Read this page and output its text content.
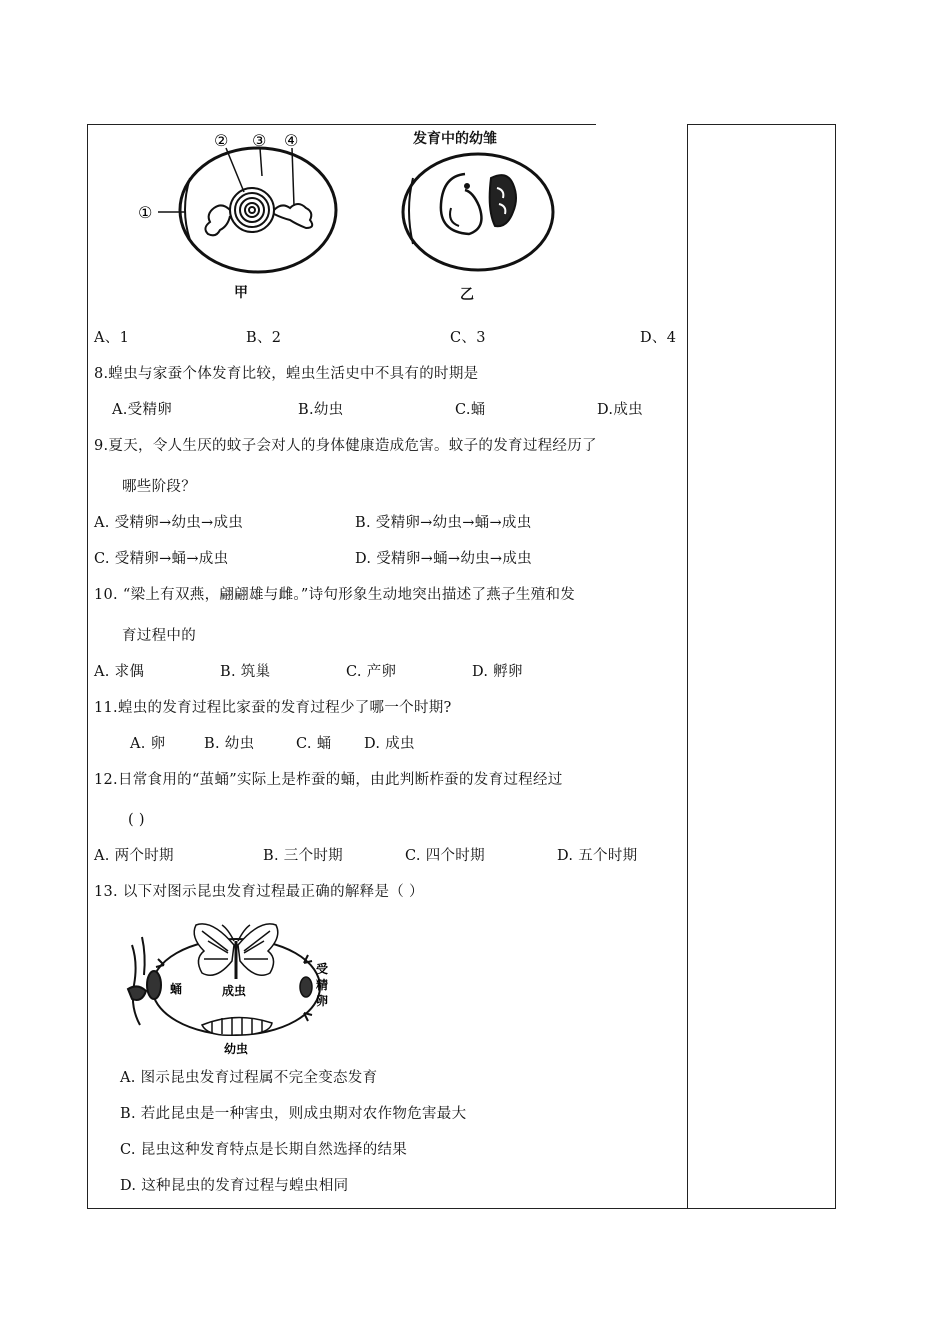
①
② ③ ④
甲
发育中的幼雏
乙
A、1	B、2	C、3	D、4
8.蝗虫与家蚕个体发育比较，蝗虫生活史中不具有的时期是
A.受精卵	B.幼虫	C.蛹	D.成虫
9.夏天，令人生厌的蚊子会对人的身体健康造成危害。蚊子的发育过程经历了
哪些阶段？
A. 受精卵→幼虫→成虫	B. 受精卵→幼虫→蛹→成虫
C. 受精卵→蛹→成虫	D. 受精卵→蛹→幼虫→成虫
10. “梁上有双燕，翩翩雄与雌。”诗句形象生动地突出描述了燕子生殖和发
育过程中的
A. 求偶	B. 筑巢	C. 产卵	D. 孵卵
11.蝗虫的发育过程比家蚕的发育过程少了哪一个时期?
A. 卵	B. 幼虫	C. 蛹 D. 成虫
12.日常食用的“茧蛹”实际上是柞蚕的蛹，由此判断柞蚕的发育过程经过
( )
A. 两个时期	B. 三个时期	C. 四个时期	D. 五个时期
13. 以下对图示昆虫发育过程最正确的解释是（ ）
蛹	成虫
受
精
卵
幼虫
A. 图示昆虫发育过程属不完全变态发育
B. 若此昆虫是一种害虫，则成虫期对农作物危害最大
C. 昆虫这种发育特点是长期自然选择的结果
D. 这种昆虫的发育过程与蝗虫相同
